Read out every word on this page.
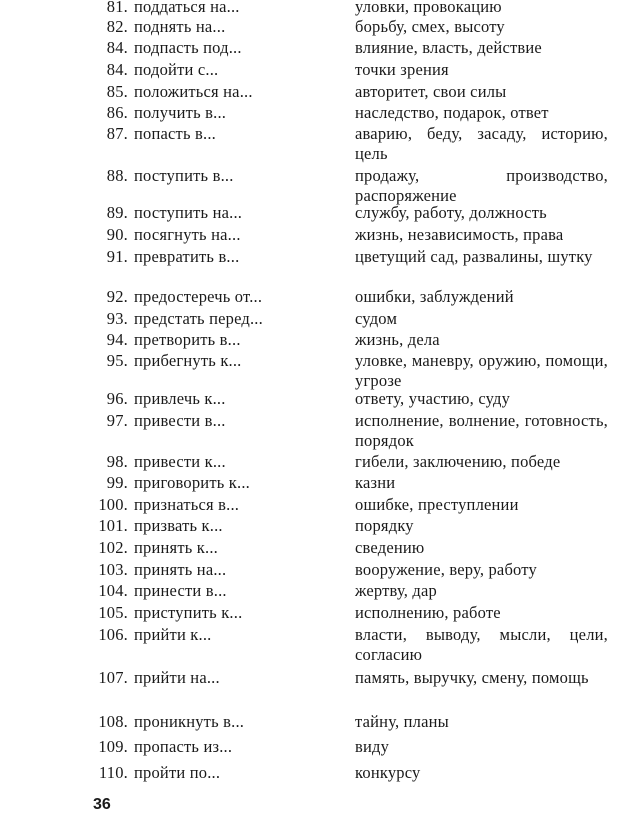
81. поддаться на...	уловки, провокацию
82. поднять на...	борьбу, смех, высоту
84. подпасть под...	влияние, власть, действие
84. подойти с...	точки зрения
85. положиться на...	авторитет, свои силы
86. получить в...	наследство, подарок, ответ
87. попасть в...	аварию, беду, засаду, историю, цель
88. поступить в...	продажу, производство, распоряжение
89. поступить на...	службу, работу, должность
90. посягнуть на...	жизнь, независимость, права
91. превратить в...	цветущий сад, развалины, шутку
92. предостеречь от...	ошибки, заблуждений
93. предстать перед...	судом
94. претворить в...	жизнь, дела
95. прибегнуть к...	уловке, маневру, оружию, помощи, угрозе
96. привлечь к...	ответу, участию, суду
97. привести в...	исполнение, волнение, готовность, порядок
98. привести к...	гибели, заключению, победе
99. приговорить к...	казни
100. признаться в...	ошибке, преступлении
101. призвать к...	порядку
102. принять к...	сведению
103. принять на...	вооружение, веру, работу
104. принести в...	жертву, дар
105. приступить к...	исполнению, работе
106. прийти к...	власти, выводу, мысли, цели, согласию
107. прийти на...	память, выручку, смену, помощь
108. проникнуть в...	тайну, планы
109. пропасть из...	виду
110. пройти по...	конкурсу
36
